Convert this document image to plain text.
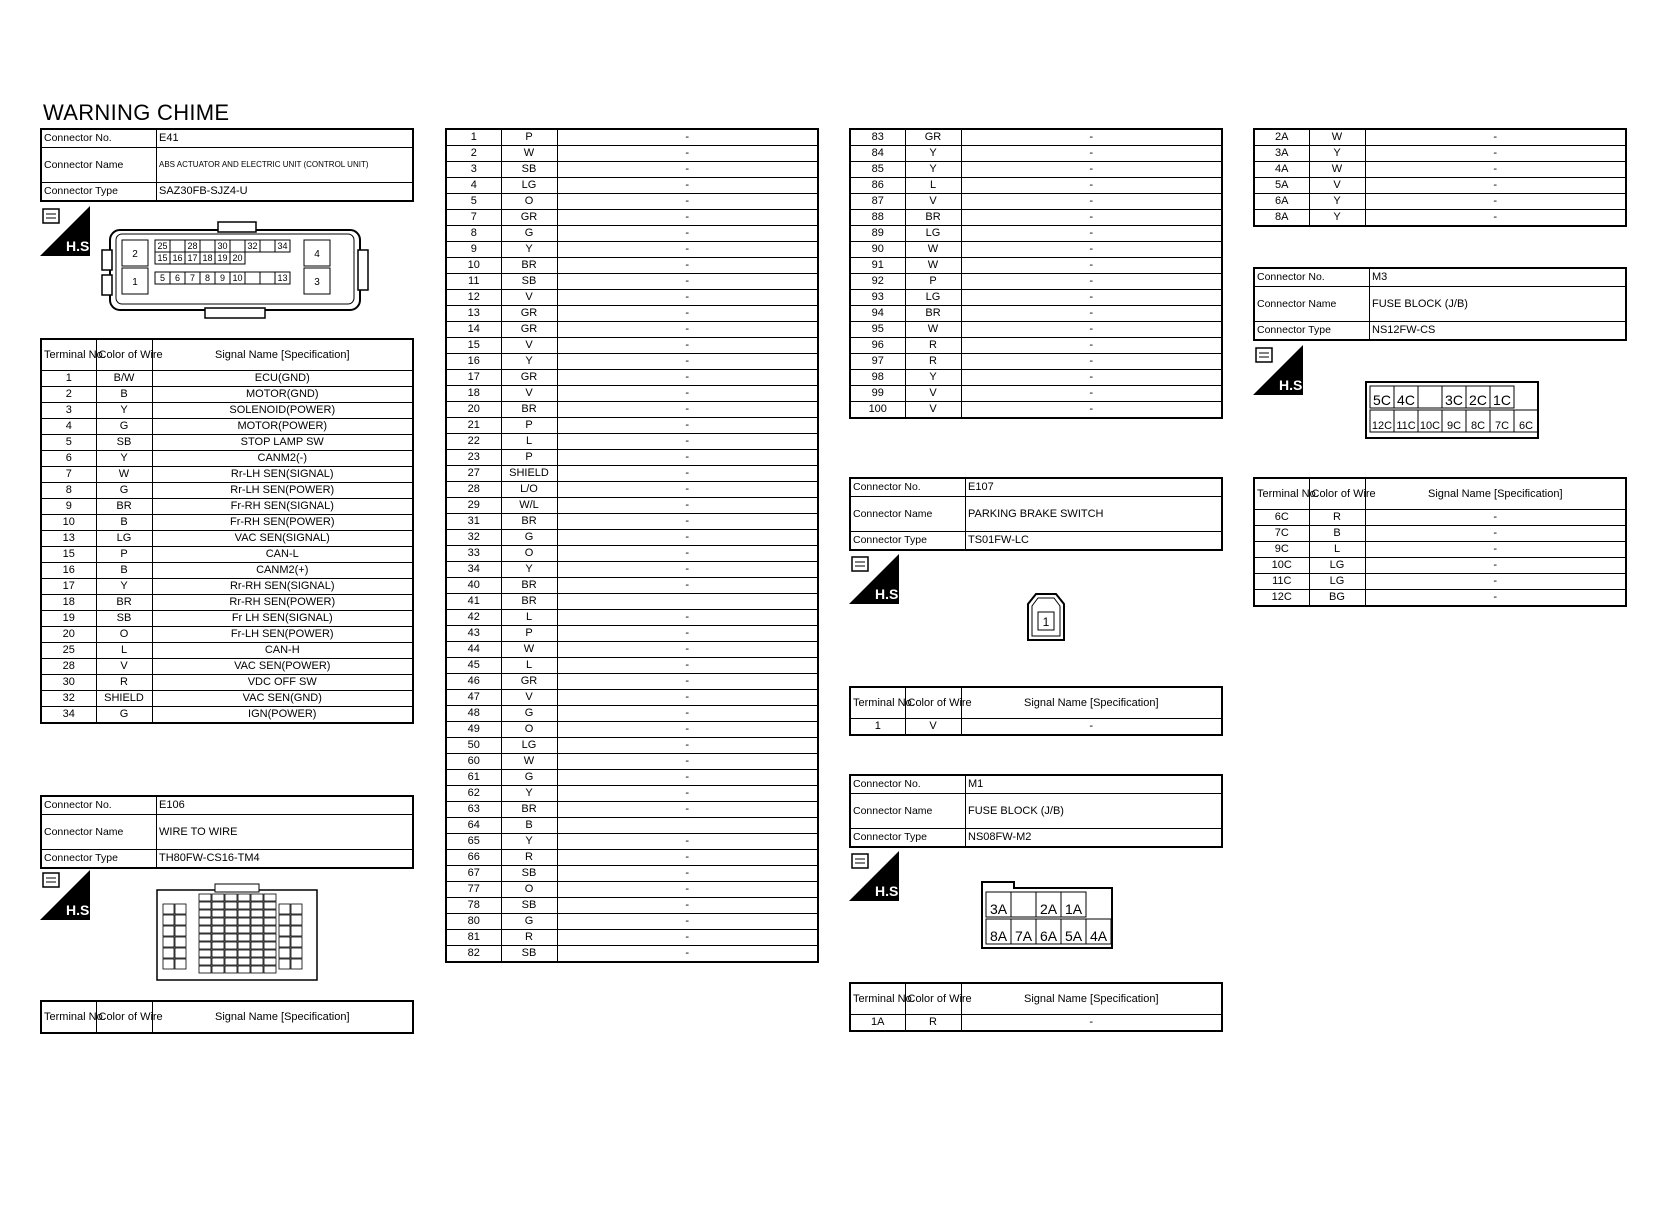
WARNING CHIME
Connector No.	E41
Connector Name	ABS ACTUATOR AND ELECTRIC UNIT (CONTROL UNIT)
Connector Type	SAZ30FB-SJZ4-U
H.S.
2
1
4
3
25 28 30 32 34
15 16 17 18 19 20
5 6 7 8 9 10	13
Terminal No.	Color of Wire	Signal Name [Specification]
1	B/W	ECU(GND)
2	B	MOTOR(GND)
3	Y	SOLENOID(POWER)
4	G	MOTOR(POWER)
5	SB	STOP LAMP SW
6	Y	CANM2(-)
7	W	Rr-LH SEN(SIGNAL)
8	G	Rr-LH SEN(POWER)
9	BR	Fr-RH SEN(SIGNAL)
10	B	Fr-RH SEN(POWER)
13	LG	VAC SEN(SIGNAL)
15	P	CAN-L
16	B	CANM2(+)
17	Y	Rr-RH SEN(SIGNAL)
18	BR	Rr-RH SEN(POWER)
19	SB	Fr LH SEN(SIGNAL)
20	O	Fr-LH SEN(POWER)
25	L	CAN-H
28	V	VAC SEN(POWER)
30	R	VDC OFF SW
32	SHIELD	VAC SEN(GND)
34	G	IGN(POWER)
Connector No.	E106
Connector Name	WIRE TO WIRE
Connector Type	TH80FW-CS16-TM4
H.S.
Terminal No.	Color of Wire	Signal Name [Specification]
1	P	-
2	W	-
3	SB	-
4	LG	-
5	O	-
7	GR	-
8	G	-
9	Y	-
10	BR	-
11	SB	-
12	V	-
13	GR	-
14	GR	-
15	V	-
16	Y	-
17	GR	-
18	V	-
20	BR	-
21	P	-
22	L	-
23	P	-
27	SHIELD	-
28	L/O	-
29	W/L	-
31	BR	-
32	G	-
33	O	-
34	Y	-
40	BR	-
41	BR	
42	L	-
43	P	-
44	W	-
45	L	-
46	GR	-
47	V	-
48	G	-
49	O	-
50	LG	-
60	W	-
61	G	-
62	Y	-
63	BR	-
64	B	
65	Y	-
66	R	-
67	SB	-
77	O	-
78	SB	-
80	G	-
81	R	-
82	SB	-
83	GR	-
84	Y	-
85	Y	-
86	L	-
87	V	-
88	BR	-
89	LG	-
90	W	-
91	W	-
92	P	-
93	LG	-
94	BR	-
95	W	-
96	R	-
97	R	-
98	Y	-
99	V	-
100	V	-
Connector No.	E107
Connector Name	PARKING BRAKE SWITCH
Connector Type	TS01FW-LC
H.S.
1
Terminal No.	Color of Wire	Signal Name [Specification]
1	V	-
Connector No.	M1
Connector Name	FUSE BLOCK (J/B)
Connector Type	NS08FW-M2
H.S.
3A 2A 1A
8A 7A 6A 5A 4A
Terminal No.	Color of Wire	Signal Name [Specification]
1A	R	-
2A	W	-
3A	Y	-
4A	W	-
5A	V	-
6A	Y	-
8A	Y	-
Connector No.	M3
Connector Name	FUSE BLOCK (J/B)
Connector Type	NS12FW-CS
H.S.
5C 4C 3C 2C 1C
12C 11C 10C 9C 8C 7C 6C
Terminal No.	Color of Wire	Signal Name [Specification]
6C	R	-
7C	B	-
9C	L	-
10C	LG	-
11C	LG	-
12C	BG	-
